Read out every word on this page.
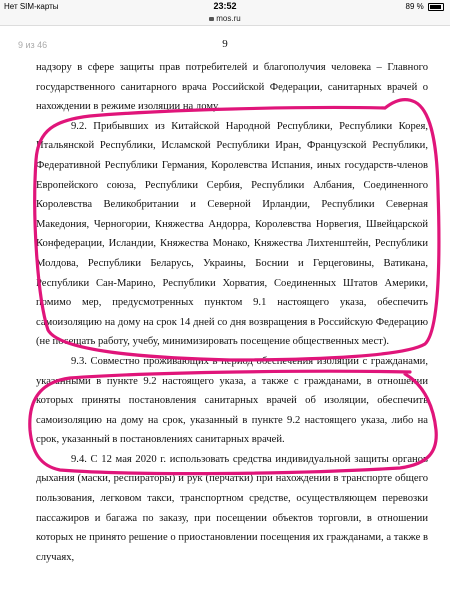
Нет SIM-карты	23:52	89 %
mos.ru
9 из 46	9

надзору в сфере защиты прав потребителей и благополучия человека – Главного государственного санитарного врача Российской Федерации, санитарных врачей о нахождении в режиме изоляции на дому.

9.2. Прибывших из Китайской Народной Республики, Республики Корея, Итальянской Республики, Исламской Республики Иран, Французской Республики, Федеративной Республики Германия, Королевства Испания, иных государств-членов Европейского союза, Республики Сербия, Республики Албания, Соединенного Королевства Великобритании и Северной Ирландии, Республики Северная Македония, Черногории, Княжества Андорра, Королевства Норвегия, Швейцарской Конфедерации, Исландии, Княжества Монако, Княжества Лихтенштейн, Республики Молдова, Республики Беларусь, Украины, Боснии и Герцеговины, Ватикана, Республики Сан-Марино, Республики Хорватия, Соединенных Штатов Америки, помимо мер, предусмотренных пунктом 9.1 настоящего указа, обеспечить самоизоляцию на дому на срок 14 дней со дня возвращения в Российскую Федерацию (не посещать работу, учебу, минимизировать посещение общественных мест).

9.3. Совместно проживающих в период обеспечения изоляции с гражданами, указанными в пункте 9.2 настоящего указа, а также с гражданами, в отношении которых приняты постановления санитарных врачей об изоляции, обеспечить самоизоляцию на дому на срок, указанный в пункте 9.2 настоящего указа, либо на срок, указанный в постановлениях санитарных врачей.

9.4. С 12 мая 2020 г. использовать средства индивидуальной защиты органов дыхания (маски, респираторы) и рук (перчатки) при нахождении в транспорте общего пользования, легковом такси, транспортном средстве, осуществляющем перевозки пассажиров и багажа по заказу, при посещении объектов торговли, в отношении которых не принято решение о приостановлении посещения их гражданами, а также в случаях,
